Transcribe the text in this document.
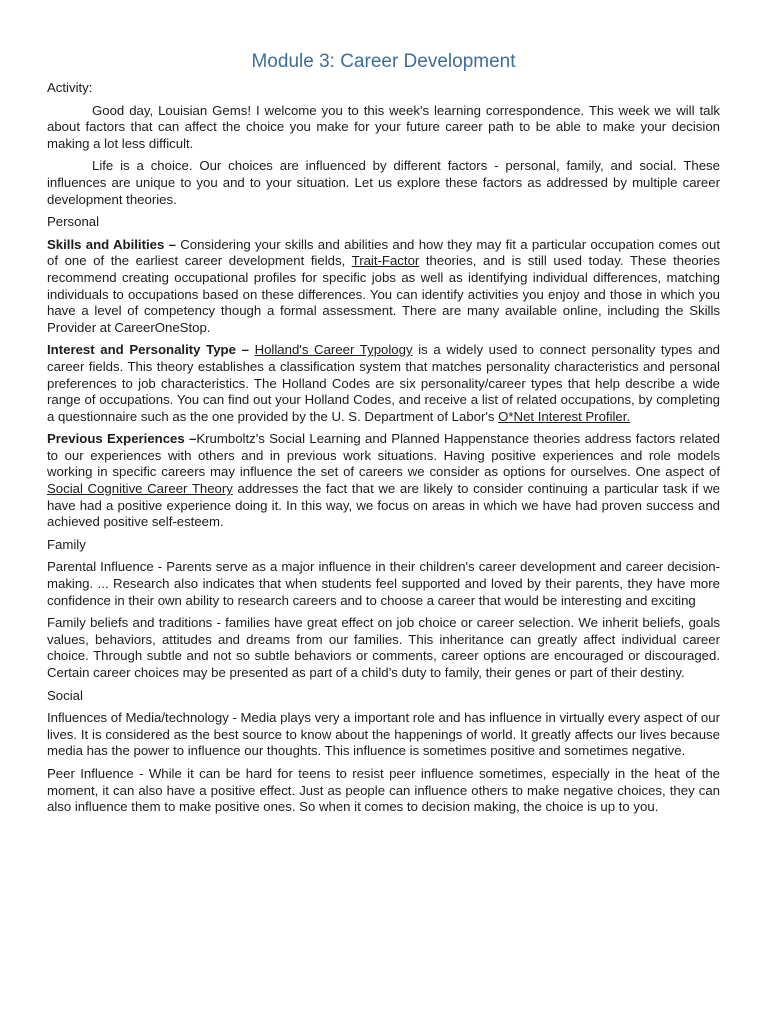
Module 3: Career Development
Activity:

Good day, Louisian Gems! I welcome you to this week's learning correspondence. This week we will talk about factors that can affect the choice you make for your future career path to be able to make your decision making a lot less difficult.

Life is a choice. Our choices are influenced by different factors - personal, family, and social. These influences are unique to you and to your situation. Let us explore these factors as addressed by multiple career development theories.

Personal

Skills and Abilities – Considering your skills and abilities and how they may fit a particular occupation comes out of one of the earliest career development fields, Trait-Factor theories, and is still used today. These theories recommend creating occupational profiles for specific jobs as well as identifying individual differences, matching individuals to occupations based on these differences. You can identify activities you enjoy and those in which you have a level of competency though a formal assessment. There are many available online, including the Skills Provider at CareerOneStop.

Interest and Personality Type – Holland's Career Typology is a widely used to connect personality types and career fields. This theory establishes a classification system that matches personality characteristics and personal preferences to job characteristics. The Holland Codes are six personality/career types that help describe a wide range of occupations. You can find out your Holland Codes, and receive a list of related occupations, by completing a questionnaire such as the one provided by the U. S. Department of Labor's O*Net Interest Profiler.

Previous Experiences –Krumboltz's Social Learning and Planned Happenstance theories address factors related to our experiences with others and in previous work situations. Having positive experiences and role models working in specific careers may influence the set of careers we consider as options for ourselves. One aspect of Social Cognitive Career Theory addresses the fact that we are likely to consider continuing a particular task if we have had a positive experience doing it. In this way, we focus on areas in which we have had proven success and achieved positive self-esteem.

Family

Parental Influence - Parents serve as a major influence in their children's career development and career decision- making. ... Research also indicates that when students feel supported and loved by their parents, they have more confidence in their own ability to research careers and to choose a career that would be interesting and exciting

Family beliefs and traditions - families have great effect on job choice or career selection. We inherit beliefs, goals values, behaviors, attitudes and dreams from our families. This inheritance can greatly affect individual career choice. Through subtle and not so subtle behaviors or comments, career options are encouraged or discouraged. Certain career choices may be presented as part of a child’s duty to family, their genes or part of their destiny.

Social

Influences of Media/technology - Media plays very a important role and has influence in virtually every aspect of our lives. It is considered as the best source to know about the happenings of world. It greatly affects our lives because media has the power to influence our thoughts. This influence is sometimes positive and sometimes negative.

Peer Influence - While it can be hard for teens to resist peer influence sometimes, especially in the heat of the moment, it can also have a positive effect. Just as people can influence others to make negative choices, they can also influence them to make positive ones. So when it comes to decision making, the choice is up to you.
